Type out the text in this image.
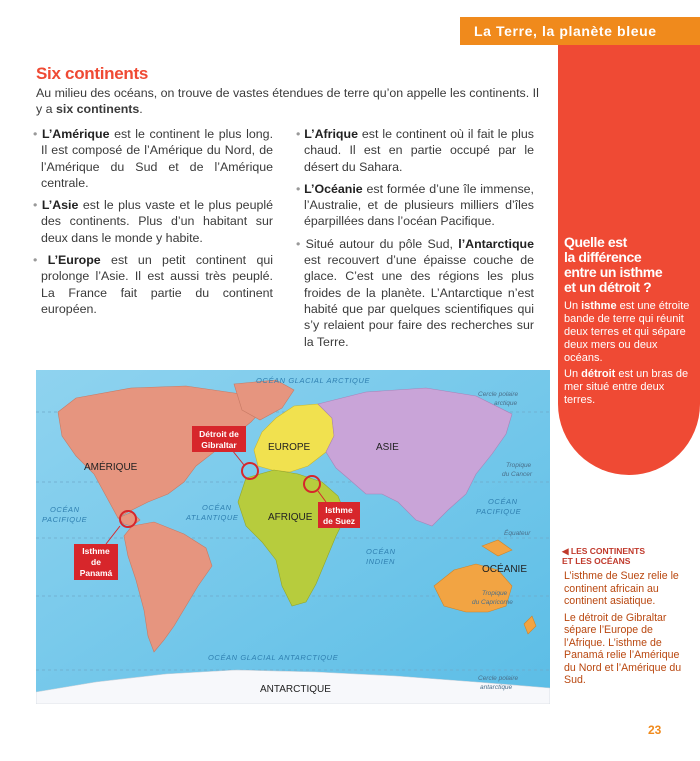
La Terre, la planète bleue
Six continents
Au milieu des océans, on trouve de vastes étendues de terre qu’on appelle les continents. Il y a six continents.

• L’Amérique est le continent le plus long. Il est composé de l’Amérique du Nord, de l’Amérique du Sud et de l’Amérique centrale.

• L’Asie est le plus vaste et le plus peuplé des continents. Plus d’un habitant sur deux dans le monde y habite.

• L’Europe est un petit continent qui prolonge l’Asie. Il est aussi très peuplé. La France fait partie du continent européen.

• L’Afrique est le continent où il fait le plus chaud. Il est en partie occupé par le désert du Sahara.

• L’Océanie est formée d’une île immense, l’Australie, et de plusieurs milliers d’îles éparpillées dans l’océan Pacifique.

• Situé autour du pôle Sud, l’Antarctique est recouvert d’une épaisse couche de glace. C’est une des régions les plus froides de la planète. L’Antarctique n’est habité que par quelques scientifiques qui s’y relaient pour faire des recherches sur la Terre.

Quelle est
la différence
entre un isthme
et un détroit ?

Un isthme est une étroite bande de terre qui réunit deux terres et qui sépare deux mers ou deux océans.

Un détroit est un bras de mer situé entre deux terres.

OCÉAN GLACIAL ARCTIQUE
OCÉAN GLACIAL ANTARCTIQUE
OCÉAN
PACIFIQUE
OCÉAN
PACIFIQUE
OCÉAN
ATLANTIQUE
OCÉAN
INDIEN
Cercle polaire
arctique
Tropique
du Cancer
Équateur
Tropique
du Capricorne
Cercle polaire
antarctique
AMÉRIQUE
EUROPE	ASIE
AFRIQUE
OCÉANIE
ANTARCTIQUE
Détroit de
Gibraltar
Isthme
de Suez
Isthme
de
Panamá
◀ LES CONTINENTS
ET LES OCÉANS

L’isthme de Suez relie le continent africain au continent asiatique.

Le détroit de Gibraltar sépare l’Europe de l’Afrique. L’isthme de Panamá relie l’Amérique du Nord et l’Amérique du Sud.

23
